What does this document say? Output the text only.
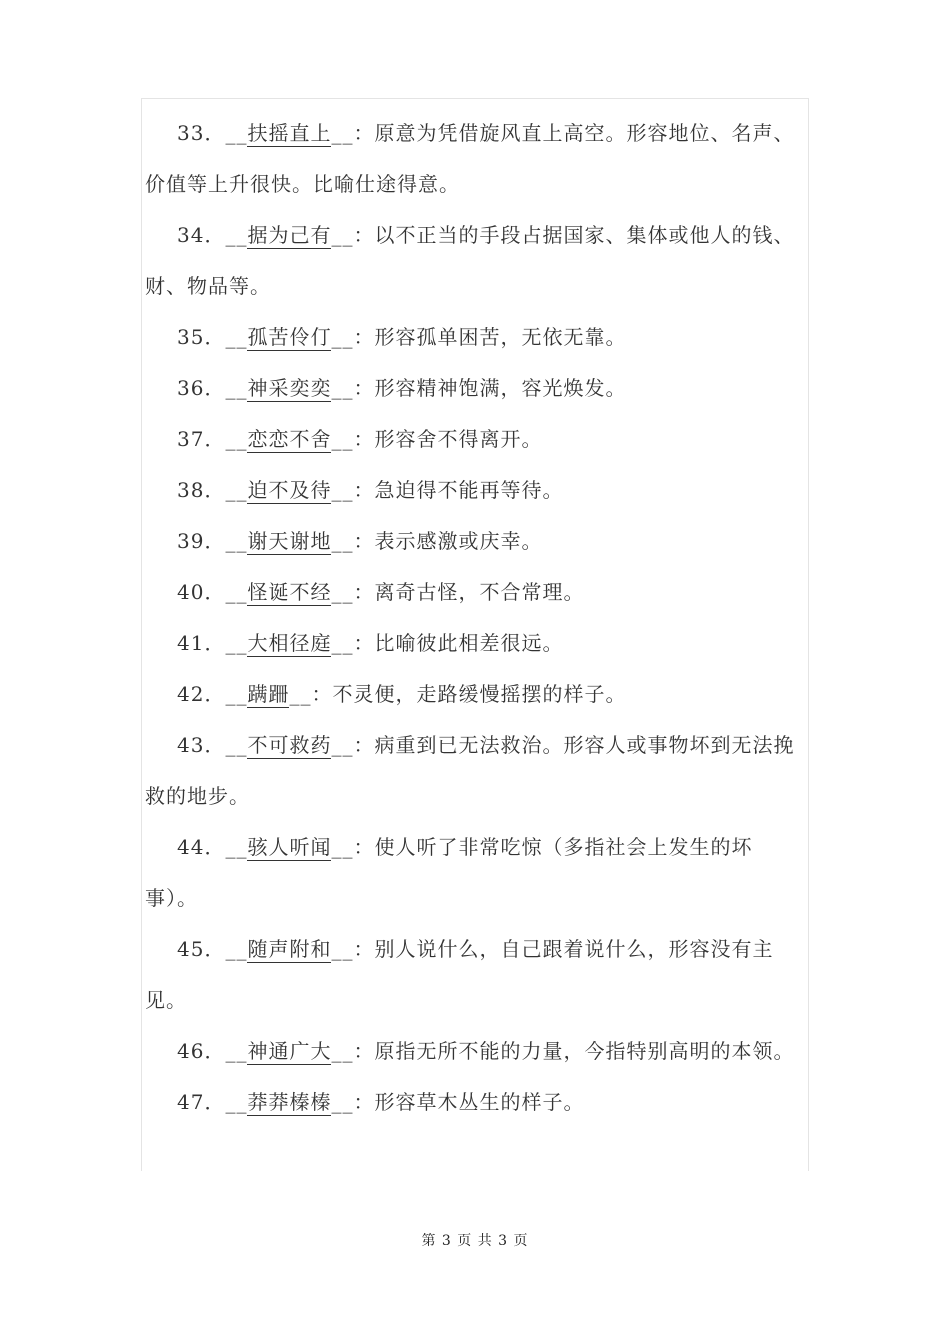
33．__扶摇直上__：原意为凭借旋风直上高空。形容地位、名声、价值等上升很快。比喻仕途得意。

34．__据为己有__：以不正当的手段占据国家、集体或他人的钱、财、物品等。

35．__孤苦伶仃__：形容孤单困苦，无依无靠。

36．__神采奕奕__：形容精神饱满，容光焕发。

37．__恋恋不舍__：形容舍不得离开。

38．__迫不及待__：急迫得不能再等待。

39．__谢天谢地__：表示感激或庆幸。

40．__怪诞不经__：离奇古怪，不合常理。

41．__大相径庭__：比喻彼此相差很远。

42．__蹒跚__：不灵便，走路缓慢摇摆的样子。

43．__不可救药__：病重到已无法救治。形容人或事物坏到无法挽救的地步。

44．__骇人听闻__：使人听了非常吃惊（多指社会上发生的坏事）。

45．__随声附和__：别人说什么，自己跟着说什么，形容没有主见。

46．__神通广大__：原指无所不能的力量，今指特别高明的本领。

47．__莽莽榛榛__：形容草木丛生的样子。

第 3 页 共 3 页
